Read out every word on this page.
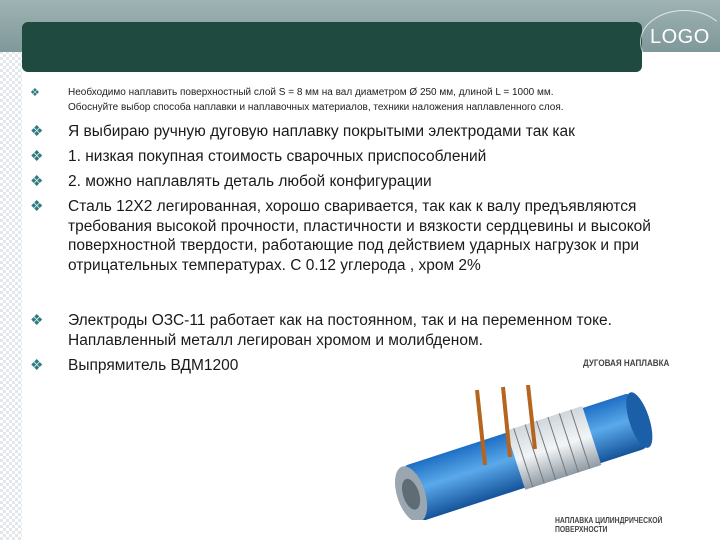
LOGO
❖	Необходимо наплавить поверхностный слой S = 8 мм на вал диаметром Ø 250 мм, длиной L = 1000 мм.
Обоснуйте выбор способа наплавки и наплавочных материалов, техники наложения наплавленного слоя.
❖ Я выбираю ручную дуговую наплавку покрытыми электродами так как
❖ 1. низкая покупная стоимость сварочных приспособлений
❖ 2. можно наплавлять деталь любой конфигурации
❖ Сталь 12Х2 легированная, хорошо сваривается, так как к валу предъявляются требования высокой прочности, пластичности и вязкости сердцевины и высокой поверхностной твердости, работающие под действием ударных нагрузок и при отрицательных температурах. С 0.12 углерода , хром 2%
❖ Электроды ОЗС-11 работает как на постоянном, так и на переменном токе. Наплавленный металл легирован хромом и молибденом.
❖ Выпрямитель ВДМ1200	ДУГОВАЯ НАПЛАВКА
НАПЛАВКА ЦИЛИНДРИЧЕСКОЙ ПОВЕРХНОСТИ
